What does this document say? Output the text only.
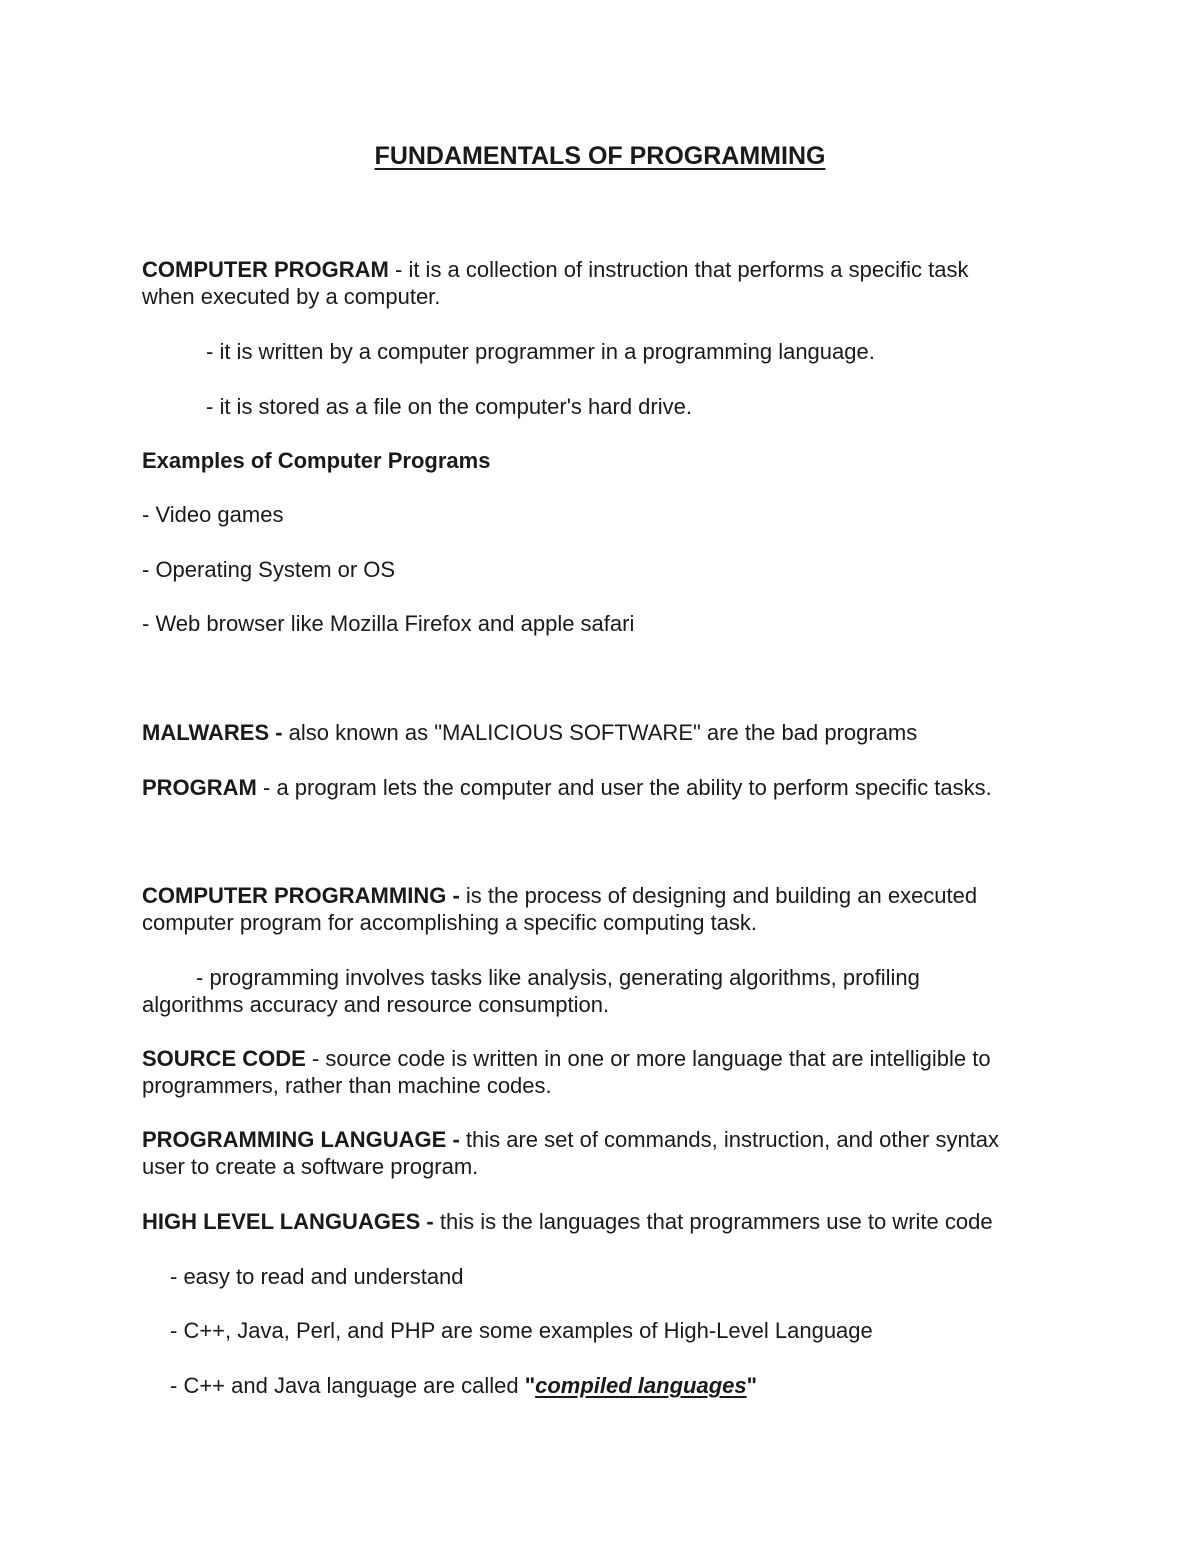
FUNDAMENTALS OF PROGRAMMING
COMPUTER PROGRAM - it is a collection of instruction that performs a specific task
when executed by a computer.
- it is written by a computer programmer in a programming language.
- it is stored as a file on the computer's hard drive.
Examples of Computer Programs
- Video games
- Operating System or OS
- Web browser like Mozilla Firefox and apple safari
MALWARES - also known as "MALICIOUS SOFTWARE" are the bad programs
PROGRAM - a program lets the computer and user the ability to perform specific tasks.
COMPUTER PROGRAMMING - is the process of designing and building an executed
computer program for accomplishing a specific computing task.
- programming involves tasks like analysis, generating algorithms, profiling
algorithms accuracy and resource consumption.
SOURCE CODE - source code is written in one or more language that are intelligible to
programmers, rather than machine codes.
PROGRAMMING LANGUAGE - this are set of commands, instruction, and other syntax
user to create a software program.
HIGH LEVEL LANGUAGES - this is the languages that programmers use to write code
- easy to read and understand
- C++, Java, Perl, and PHP are some examples of High-Level Language
- C++ and Java language are called "compiled languages"
